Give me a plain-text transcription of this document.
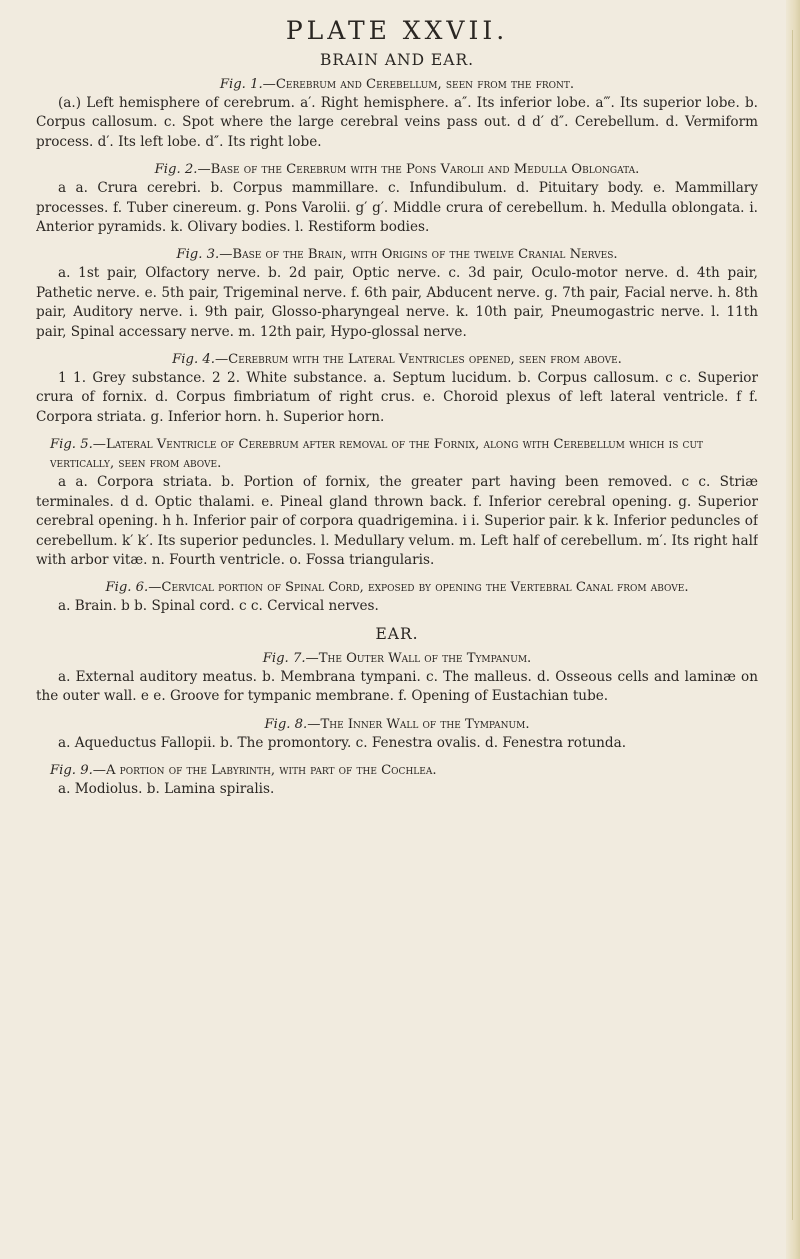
PLATE XXVII.
BRAIN AND EAR.
Fig. 1.—Cerebrum and Cerebellum, seen from the front.

(a.) Left hemisphere of cerebrum. a′. Right hemisphere. a″. Its inferior lobe. a‴. Its superior lobe. b. Corpus callosum. c. Spot where the large cerebral veins pass out. d d′ d″. Cerebellum. d. Vermiform process. d′. Its left lobe. d″. Its right lobe.

Fig. 2.—Base of the Cerebrum with the Pons Varolii and Medulla Oblongata.

a a. Crura cerebri. b. Corpus mammillare. c. Infundibulum. d. Pituitary body. e. Mammillary processes. f. Tuber cinereum. g. Pons Varolii. g′ g′. Middle crura of cerebellum. h. Medulla oblongata. i. Anterior pyramids. k. Olivary bodies. l. Restiform bodies.

Fig. 3.—Base of the Brain, with Origins of the twelve Cranial Nerves.

a. 1st pair, Olfactory nerve. b. 2d pair, Optic nerve. c. 3d pair, Oculo-motor nerve. d. 4th pair, Pathetic nerve. e. 5th pair, Trigeminal nerve. f. 6th pair, Abducent nerve. g. 7th pair, Facial nerve. h. 8th pair, Auditory nerve. i. 9th pair, Glosso-pharyngeal nerve. k. 10th pair, Pneumogastric nerve. l. 11th pair, Spinal accessary nerve. m. 12th pair, Hypo-glossal nerve.

Fig. 4.—Cerebrum with the Lateral Ventricles opened, seen from above.

1 1. Grey substance. 2 2. White substance. a. Septum lucidum. b. Corpus callosum. c c. Superior crura of fornix. d. Corpus fimbriatum of right crus. e. Choroid plexus of left lateral ventricle. f f. Corpora striata. g. Inferior horn. h. Superior horn.

Fig. 5.—Lateral Ventricle of Cerebrum after removal of the Fornix, along with Cerebellum which is cut vertically, seen from above.

a a. Corpora striata. b. Portion of fornix, the greater part having been removed. c c. Striæ terminales. d d. Optic thalami. e. Pineal gland thrown back. f. Inferior cerebral opening. g. Superior cerebral opening. h h. Inferior pair of corpora quadrigemina. i i. Superior pair. k k. Inferior peduncles of cerebellum. k′ k′. Its superior peduncles. l. Medullary velum. m. Left half of cerebellum. m′. Its right half with arbor vitæ. n. Fourth ventricle. o. Fossa triangularis.

Fig. 6.—Cervical portion of Spinal Cord, exposed by opening the Vertebral Canal from above.

a. Brain. b b. Spinal cord. c c. Cervical nerves.

EAR.
Fig. 7.—The Outer Wall of the Tympanum.

a. External auditory meatus. b. Membrana tympani. c. The malleus. d. Osseous cells and laminæ on the outer wall. e e. Groove for tympanic membrane. f. Opening of Eustachian tube.

Fig. 8.—The Inner Wall of the Tympanum.

a. Aqueductus Fallopii. b. The promontory. c. Fenestra ovalis. d. Fenestra rotunda.

Fig. 9.—A portion of the Labyrinth, with part of the Cochlea.

a. Modiolus. b. Lamina spiralis.
